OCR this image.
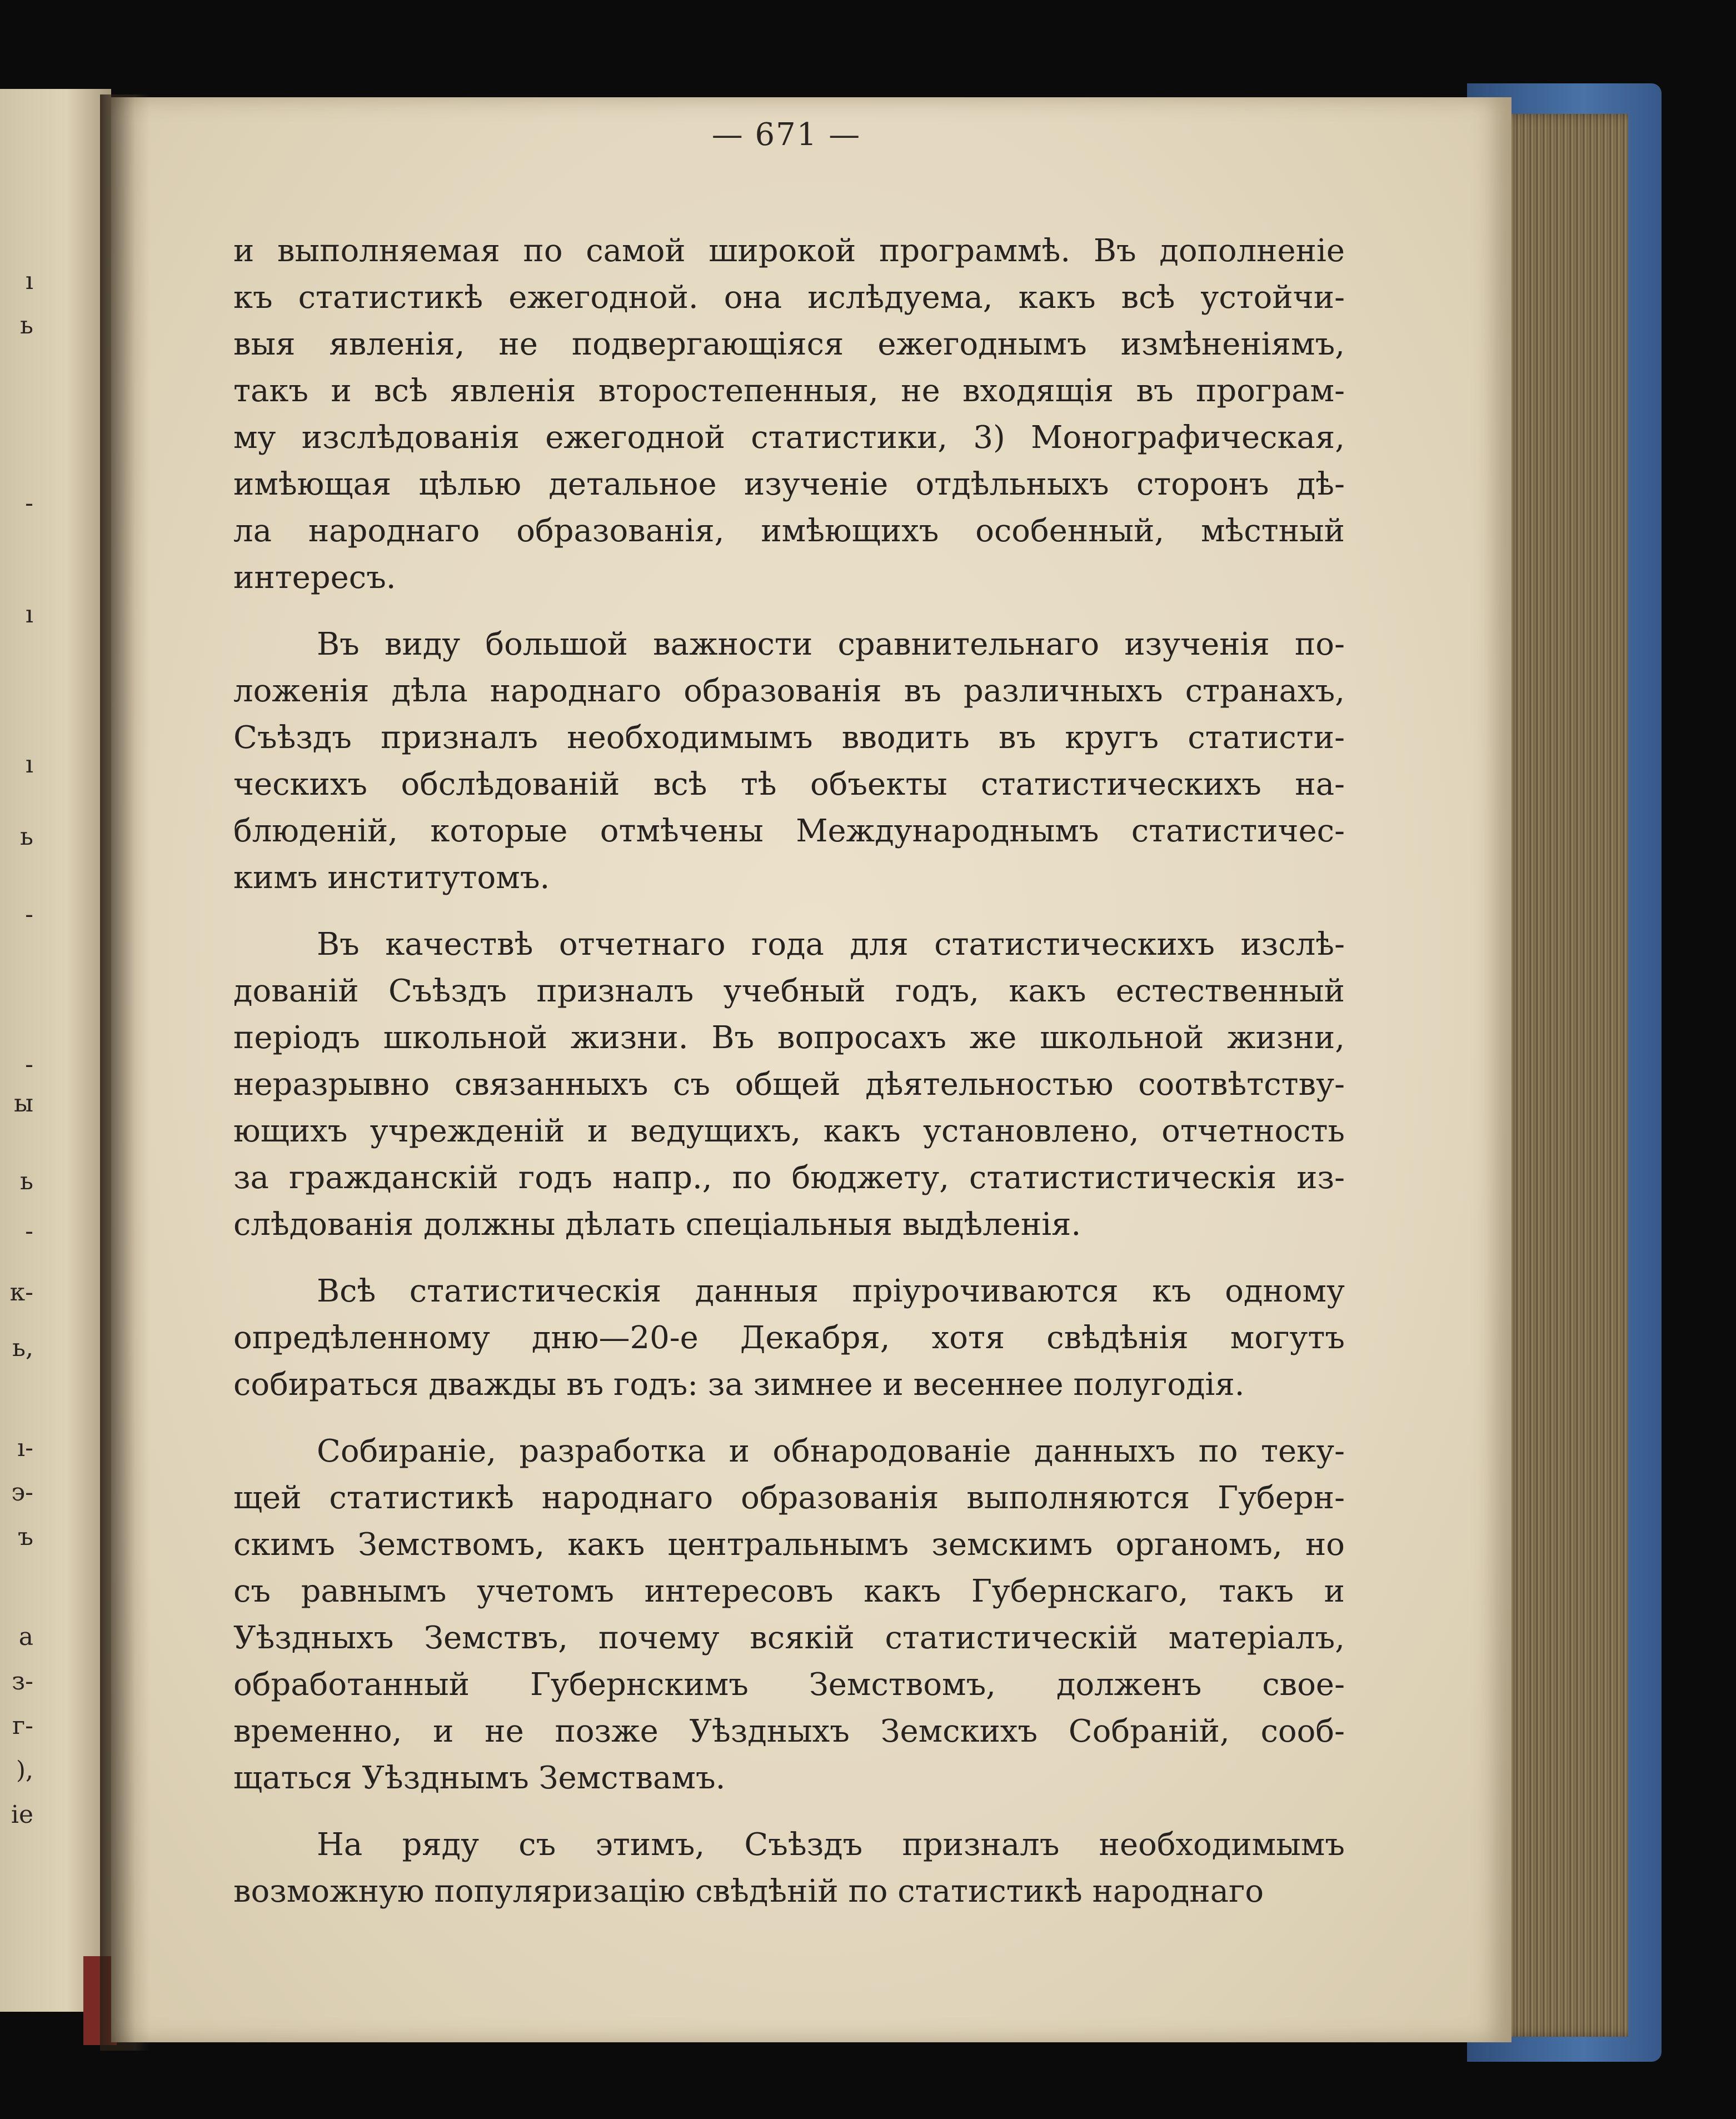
ı
ь
-
ı
ı
ь
-
-
ы
ь
-
к-
ь,
ı-
э-
ъ
а
з-
г-
),
ie
— 671 —
и выполняемая по самой широкой программѣ. Въ дополненіе
къ статистикѣ ежегодной. она ислѣдуема, какъ всѣ устойчи-
выя явленія, не подвергающіяся ежегоднымъ измѣненіямъ,
такъ и всѣ явленія второстепенныя, не входящія въ програм-
му изслѣдованія ежегодной статистики, 3) Монографическая,
имѣющая цѣлью детальное изученіе отдѣльныхъ сторонъ дѣ-
ла народнаго образованія, имѣющихъ особенный, мѣстный
интересъ.
Въ виду большой важности сравнительнаго изученія по-
ложенія дѣла народнаго образованія въ различныхъ странахъ,
Съѣздъ призналъ необходимымъ вводить въ кругъ статисти-
ческихъ обслѣдованій всѣ тѣ объекты статистическихъ на-
блюденій, которые отмѣчены Международнымъ статистичес-
кимъ институтомъ.
Въ качествѣ отчетнаго года для статистическихъ изслѣ-
дованій Съѣздъ призналъ учебный годъ, какъ естественный
періодъ школьной жизни. Въ вопросахъ же школьной жизни,
неразрывно связанныхъ съ общей дѣятельностью соотвѣтству-
ющихъ учрежденій и ведущихъ, какъ установлено, отчетность
за гражданскій годъ напр., по бюджету, статистистическія из-
слѣдованія должны дѣлать спеціальныя выдѣленія.
Всѣ статистическія данныя пріурочиваются къ одному
опредѣленному дню—20-е Декабря, хотя свѣдѣнія могутъ
собираться дважды въ годъ: за зимнее и весеннее полугодія.
Собираніе, разработка и обнародованіе данныхъ по теку-
щей статистикѣ народнаго образованія выполняются Губерн-
скимъ Земствомъ, какъ центральнымъ земскимъ органомъ, но
съ равнымъ учетомъ интересовъ какъ Губернскаго, такъ и
Уѣздныхъ Земствъ, почему всякій статистическій матеріалъ,
обработанный Губернскимъ Земствомъ, долженъ свое-
временно, и не позже Уѣздныхъ Земскихъ Собраній, сооб-
щаться Уѣзднымъ Земствамъ.
На ряду съ этимъ, Съѣздъ призналъ необходимымъ
возможную популяризацію свѣдѣній по статистикѣ народнаго
